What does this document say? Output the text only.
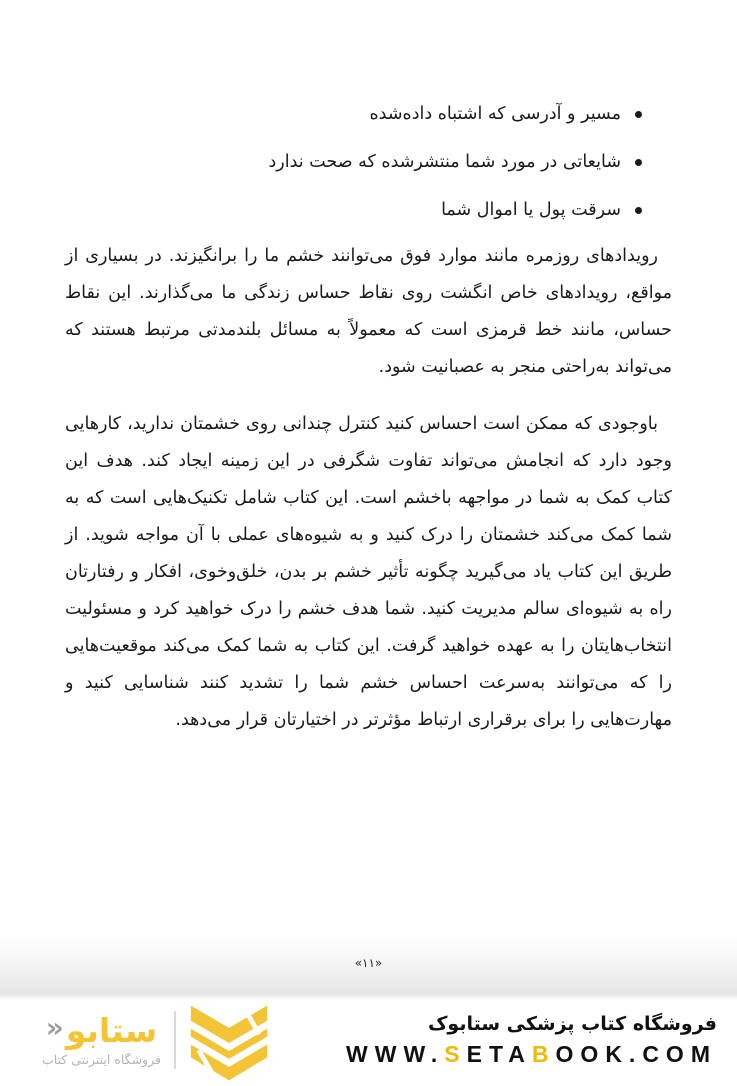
مسیر و آدرسی که اشتباه داده‌شده
شایعاتی در مورد شما منتشرشده که صحت ندارد
سرقت پول یا اموال شما

رویدادهای روزمره مانند موارد فوق می‌توانند خشم ما را برانگیزند. در بسیاری از مواقع، رویدادهای خاص انگشت روی نقاط حساس زندگی ما می‌گذارند. این نقاط حساس، مانند خط قرمزی است که معمولاً به مسائل بلندمدتی مرتبط هستند که می‌تواند به‌راحتی منجر به عصبانیت شود.

باوجودی که ممکن است احساس کنید کنترل چندانی روی خشمتان ندارید، کارهایی وجود دارد که انجامش می‌تواند تفاوت شگرفی در این زمینه ایجاد کند. هدف این کتاب کمک به شما در مواجهه باخشم است. این کتاب شامل تکنیک‌هایی است که به شما کمک می‌کند خشمتان را درک کنید و به شیوه‌های عملی با آن مواجه شوید. از طریق این کتاب یاد می‌گیرید چگونه تأثیر خشم بر بدن، خلق‌وخوی، افکار و رفتارتان راه به شیوه‌ای سالم مدیریت کنید. شما هدف خشم را درک خواهید کرد و مسئولیت انتخاب‌هایتان را به عهده خواهید گرفت. این کتاب به شما کمک می‌کند موقعیت‌هایی را که می‌توانند به‌سرعت احساس خشم شما را تشدید کنند شناسایی کنید و مهارت‌هایی را برای برقراری ارتباط مؤثرتر در اختیارتان قرار می‌دهد.

«۱۱»
ستابو
«
فروشگاه اینترنتی کتاب
فروشگاه کتاب پزشکی ستابوک
WWW.SETABOOK.COM
